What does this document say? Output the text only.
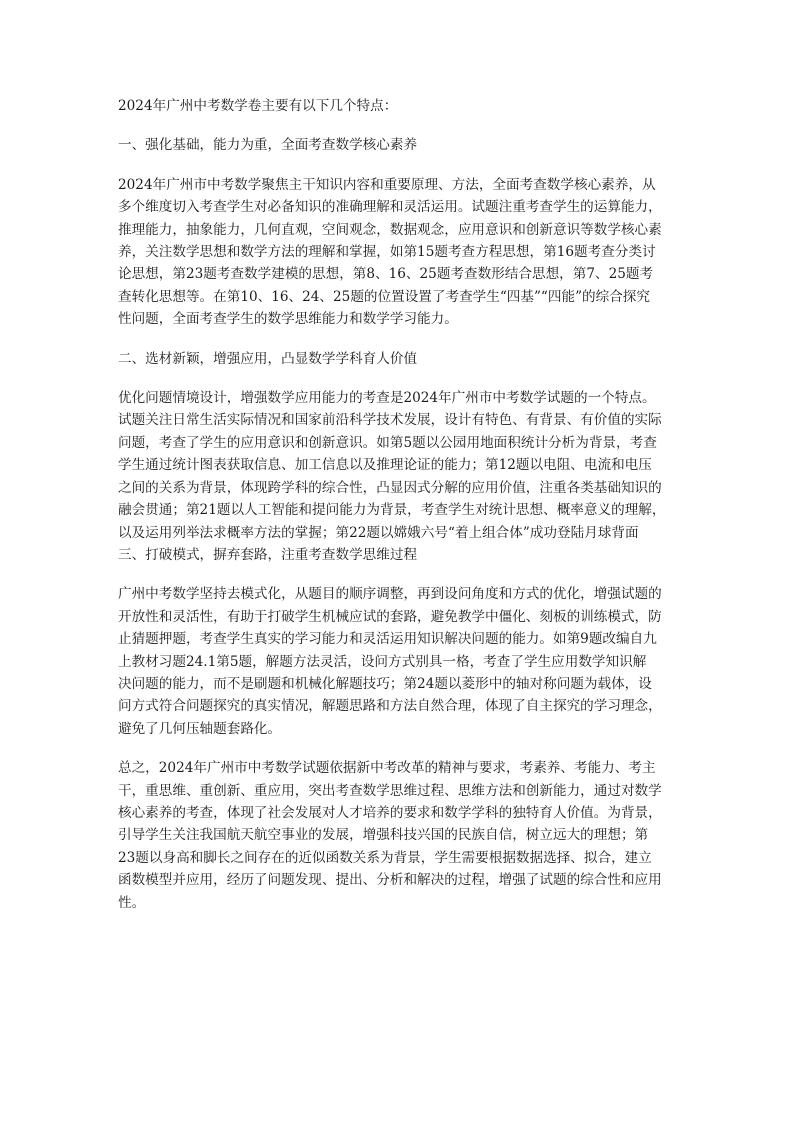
2024年广州中考数学卷主要有以下几个特点：
一、强化基础，能力为重，全面考查数学核心素养
2024年广州市中考数学聚焦主干知识内容和重要原理、方法，全面考查数学核心素养，从
多个维度切入考查学生对必备知识的准确理解和灵活运用。试题注重考查学生的运算能力，
推理能力，抽象能力，几何直观，空间观念，数据观念，应用意识和创新意识等数学核心素
养，关注数学思想和数学方法的理解和掌握，如第15题考查方程思想，第16题考查分类讨
论思想，第23题考查数学建模的思想，第8、16、25题考查数形结合思想，第7、25题考
查转化思想等。在第10、16、24、25题的位置设置了考查学生“四基”“四能”的综合探究
性问题，全面考查学生的数学思维能力和数学学习能力。
二、选材新颖，增强应用，凸显数学学科育人价值
优化问题情境设计，增强数学应用能力的考查是2024年广州市中考数学试题的一个特点。
试题关注日常生活实际情况和国家前沿科学技术发展，设计有特色、有背景、有价值的实际
问题，考查了学生的应用意识和创新意识。如第5题以公园用地面积统计分析为背景，考查
学生通过统计图表获取信息、加工信息以及推理论证的能力；第12题以电阻、电流和电压
之间的关系为背景，体现跨学科的综合性，凸显因式分解的应用价值，注重各类基础知识的
融会贯通；第21题以人工智能和提问能力为背景，考查学生对统计思想、概率意义的理解，
以及运用列举法求概率方法的掌握；第22题以嫦娥六号“着上组合体”成功登陆月球背面
三、打破模式，摒弃套路，注重考查数学思维过程
广州中考数学坚持去模式化，从题目的顺序调整，再到设问角度和方式的优化，增强试题的
开放性和灵活性，有助于打破学生机械应试的套路，避免教学中僵化、刻板的训练模式，防
止猜题押题，考查学生真实的学习能力和灵活运用知识解决问题的能力。如第9题改编自九
上教材习题24.1第5题，解题方法灵活，设问方式别具一格，考查了学生应用数学知识解
决问题的能力，而不是刷题和机械化解题技巧；第24题以菱形中的轴对称问题为载体，设
问方式符合问题探究的真实情况，解题思路和方法自然合理，体现了自主探究的学习理念，
避免了几何压轴题套路化。
总之，2024年广州市中考数学试题依据新中考改革的精神与要求，考素养、考能力、考主
干，重思维、重创新、重应用，突出考查数学思维过程、思维方法和创新能力，通过对数学
核心素养的考查，体现了社会发展对人才培养的要求和数学学科的独特育人价值。为背景，
引导学生关注我国航天航空事业的发展，增强科技兴国的民族自信，树立远大的理想；第
23题以身高和脚长之间存在的近似函数关系为背景，学生需要根据数据选择、拟合，建立
函数模型并应用，经历了问题发现、提出、分析和解决的过程，增强了试题的综合性和应用
性。
